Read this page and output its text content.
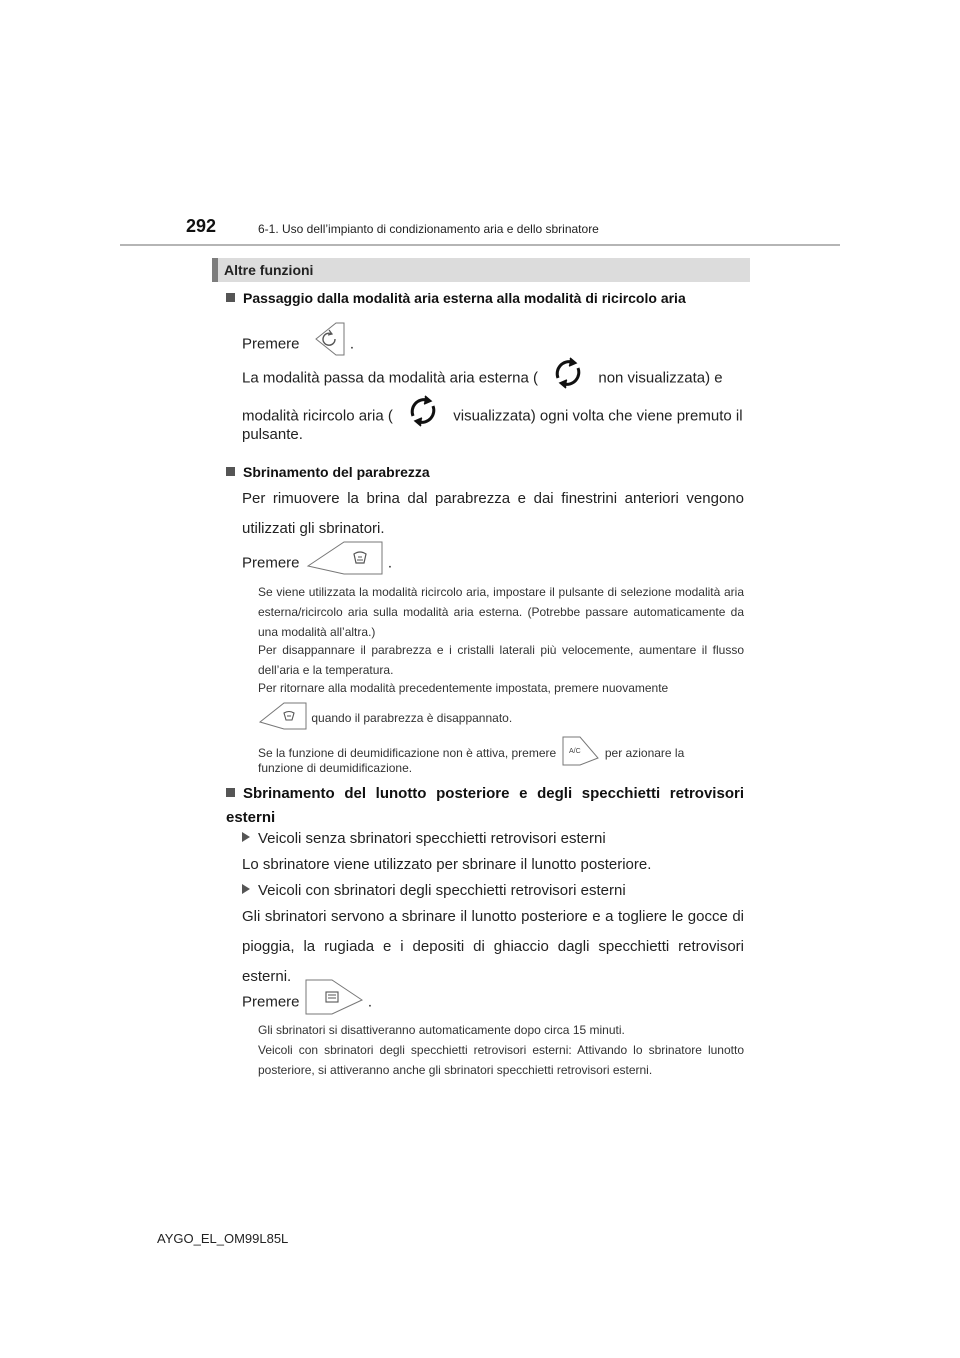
292	6-1. Uso dell’impianto di condizionamento aria e dello sbrinatore
Altre funzioni
Passaggio dalla modalità aria esterna alla modalità di ricircolo aria
Premere	.
La modalità passa da modalità aria esterna (	non visualizzata) e
modalità ricircolo aria (	visualizzata) ogni volta che viene premuto il
pulsante.
Sbrinamento del parabrezza
Per rimuovere la brina dal parabrezza e dai finestrini anteriori vengono utilizzati gli sbrinatori.
Premere	.
Se viene utilizzata la modalità ricircolo aria, impostare il pulsante di selezione modalità aria esterna/ricircolo aria sulla modalità aria esterna. (Potrebbe passare automaticamente da una modalità all’altra.)
Per disappannare il parabrezza e i cristalli laterali più velocemente, aumentare il flusso dell’aria e la temperatura.
Per ritornare alla modalità precedentemente impostata, premere nuovamente
quando il parabrezza è disappannato.
Se la funzione di deumidificazione non è attiva, premere A/C per azionare la
funzione di deumidificazione.
Sbrinamento del lunotto posteriore e degli specchietti retrovisori esterni
Veicoli senza sbrinatori specchietti retrovisori esterni
Lo sbrinatore viene utilizzato per sbrinare il lunotto posteriore.
Veicoli con sbrinatori degli specchietti retrovisori esterni
Gli sbrinatori servono a sbrinare il lunotto posteriore e a togliere le gocce di pioggia, la rugiada e i depositi di ghiaccio dagli specchietti retrovisori esterni.
Premere	.
Gli sbrinatori si disattiveranno automaticamente dopo circa 15 minuti.
Veicoli con sbrinatori degli specchietti retrovisori esterni: Attivando lo sbrinatore lunotto posteriore, si attiveranno anche gli sbrinatori specchietti retrovisori esterni.
AYGO_EL_OM99L85L
